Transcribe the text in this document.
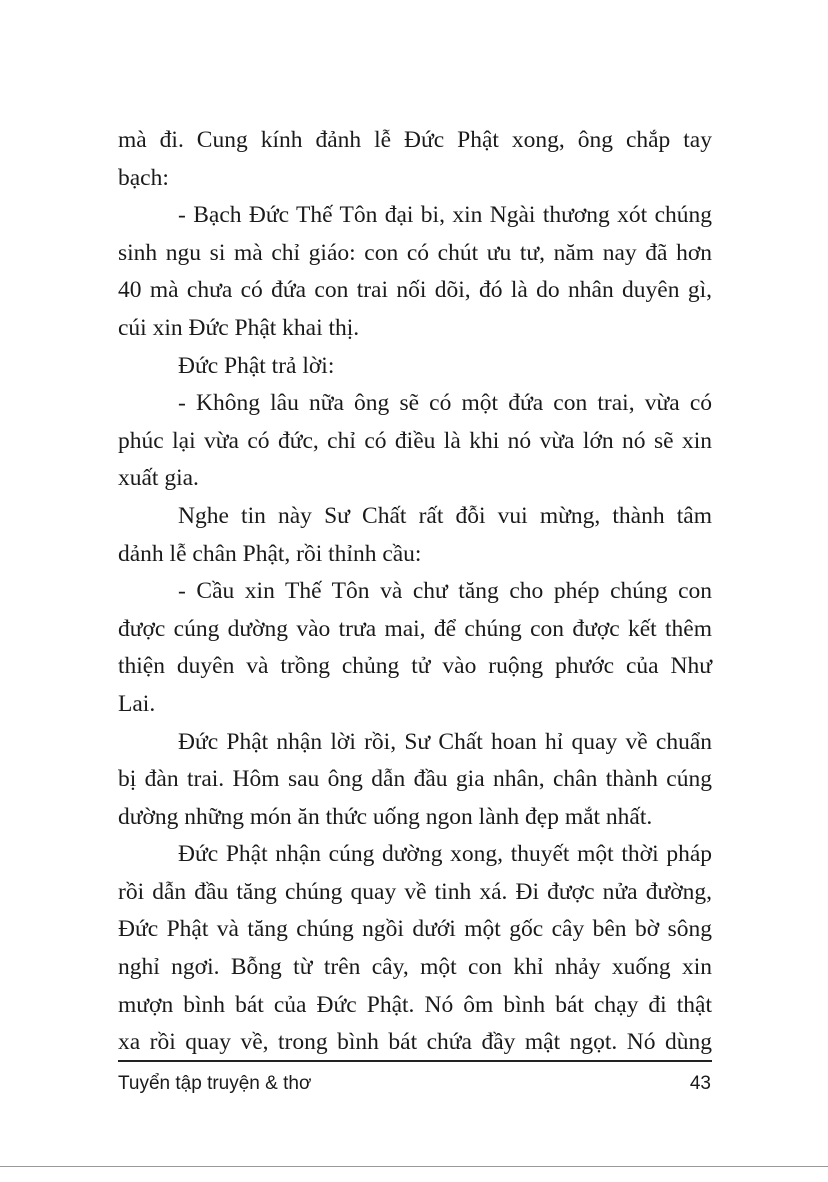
mà đi. Cung kính đảnh lễ Đức Phật xong, ông chắp tay
bạch:
- Bạch Đức Thế Tôn đại bi, xin Ngài thương xót chúng
sinh ngu si mà chỉ giáo: con có chút ưu tư, năm nay đã hơn
40 mà chưa có đứa con trai nối dõi, đó là do nhân duyên gì,
cúi xin Đức Phật khai thị.
Đức Phật trả lời:
- Không lâu nữa ông sẽ có một đứa con trai, vừa có
phúc lại vừa có đức, chỉ có điều là khi nó vừa lớn nó sẽ xin
xuất gia.
Nghe tin này Sư Chất rất đỗi vui mừng, thành tâm
dảnh lễ chân Phật, rồi thỉnh cầu:
- Cầu xin Thế Tôn và chư tăng cho phép chúng con
được cúng dường vào trưa mai, để chúng con được kết thêm
thiện duyên và trồng chủng tử vào ruộng phước của Như
Lai.
Đức Phật nhận lời rồi, Sư Chất hoan hỉ quay về chuẩn
bị đàn trai. Hôm sau ông dẫn đầu gia nhân, chân thành cúng
dường những món ăn thức uống ngon lành đẹp mắt nhất.
Đức Phật nhận cúng dường xong, thuyết một thời pháp
rồi dẫn đầu tăng chúng quay về tinh xá. Đi được nửa đường,
Đức Phật và tăng chúng ngồi dưới một gốc cây bên bờ sông
nghỉ ngơi. Bỗng từ trên cây, một con khỉ nhảy xuống xin
mượn bình bát của Đức Phật. Nó ôm bình bát chạy đi thật
xa rồi quay về, trong bình bát chứa đầy mật ngọt. Nó dùng
Tuyển tập truyện & thơ	43
